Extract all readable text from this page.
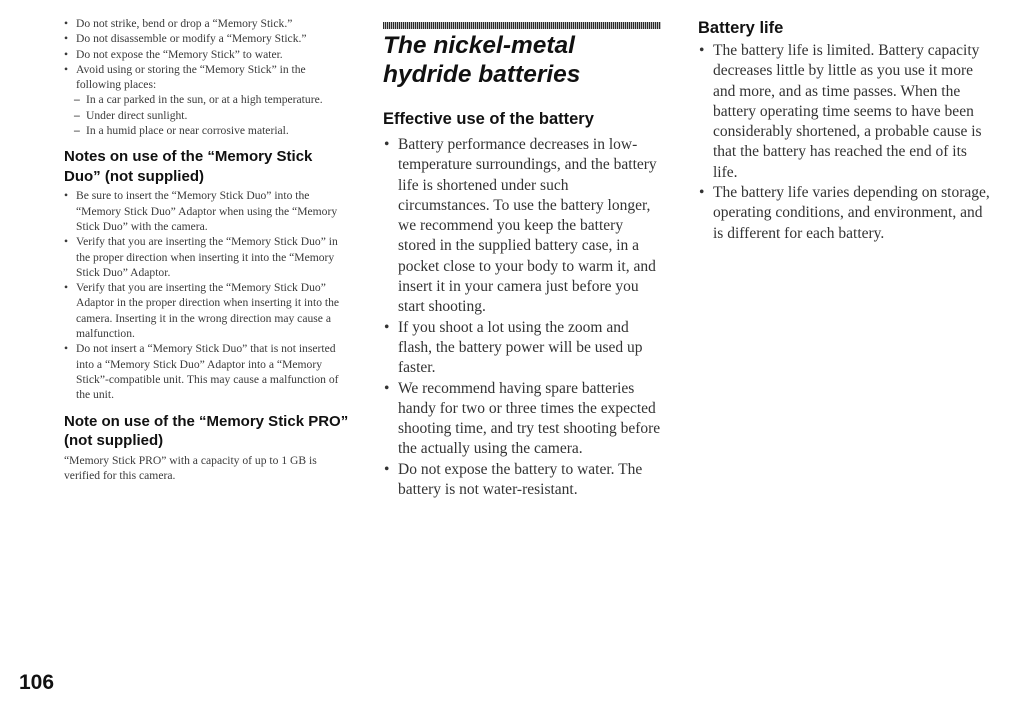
• Do not strike, bend or drop a “Memory Stick.”
• Do not disassemble or modify a “Memory Stick.”
• Do not expose the “Memory Stick” to water.
• Avoid using or storing the “Memory Stick” in the following places:
– In a car parked in the sun, or at a high temperature.
– Under direct sunlight.
– In a humid place or near corrosive material.
Notes on use of the “Memory Stick Duo” (not supplied)
• Be sure to insert the “Memory Stick Duo” into the “Memory Stick Duo” Adaptor when using the “Memory Stick Duo” with the camera.
• Verify that you are inserting the “Memory Stick Duo” in the proper direction when inserting it into the “Memory Stick Duo” Adaptor.
• Verify that you are inserting the “Memory Stick Duo” Adaptor in the proper direction when inserting it into the camera. Inserting it in the wrong direction may cause a malfunction.
• Do not insert a “Memory Stick Duo” that is not inserted into a “Memory Stick Duo” Adaptor into a “Memory Stick”-compatible unit. This may cause a malfunction of the unit.
Note on use of the “Memory Stick PRO” (not supplied)

“Memory Stick PRO” with a capacity of up to 1 GB is verified for this camera.

The nickel-metal hydride batteries
Effective use of the battery
• Battery performance decreases in low-temperature surroundings, and the battery life is shortened under such circumstances. To use the battery longer, we recommend you keep the battery stored in the supplied battery case, in a pocket close to your body to warm it, and insert it in your camera just before you start shooting.
• If you shoot a lot using the zoom and flash, the battery power will be used up faster.
• We recommend having spare batteries handy for two or three times the expected shooting time, and try test shooting before the actually using the camera.
• Do not expose the battery to water. The battery is not water-resistant.
Battery life
• The battery life is limited. Battery capacity decreases little by little as you use it more and more, and as time passes. When the battery operating time seems to have been considerably shortened, a probable cause is that the battery has reached the end of its life.
• The battery life varies depending on storage, operating conditions, and environment, and is different for each battery.
106
